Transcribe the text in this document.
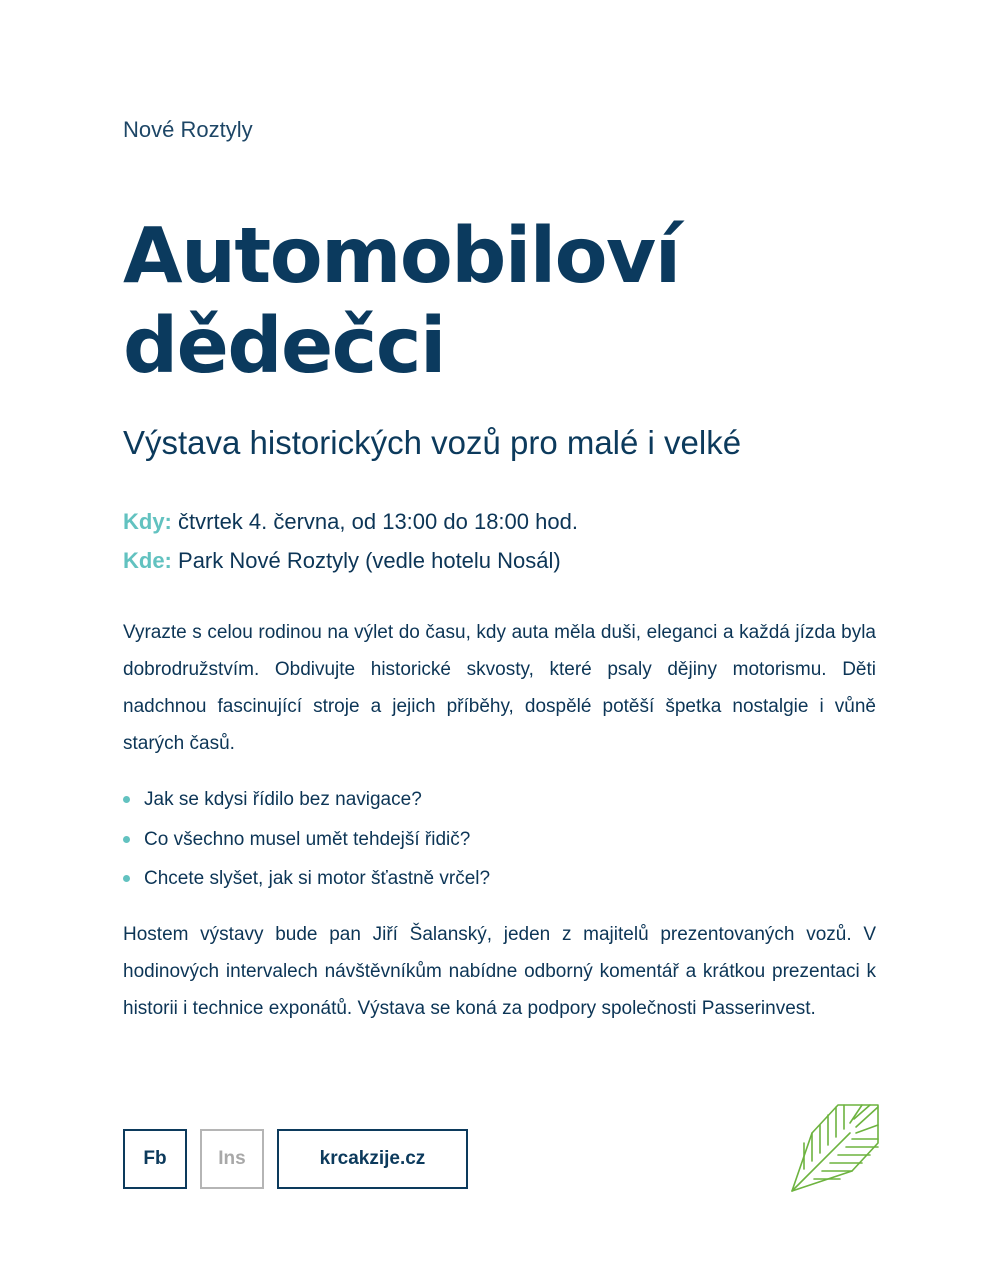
Nové Roztyly
Automobiloví
dědečci
Výstava historických vozů pro malé i velké
Kdy: čtvrtek 4. června, od 13:00 do 18:00 hod.
Kde: Park Nové Roztyly (vedle hotelu Nosál)

Vyrazte s celou rodinou na výlet do času, kdy auta měla duši, eleganci a každá jízda byla dobrodružstvím. Obdivujte historické skvosty, které psaly dějiny motorismu. Děti nadchnou fascinující stroje a jejich příběhy, dospělé potěší špetka nostalgie i vůně starých časů.

Jak se kdysi řídilo bez navigace?
Co všechno musel umět tehdejší řidič?
Chcete slyšet, jak si motor šťastně vrčel?

Hostem výstavy bude pan Jiří Šalanský, jeden z majitelů prezentovaných vozů. V hodinových intervalech návštěvníkům nabídne odborný komentář a krátkou prezentaci k historii i technice exponátů. Výstava se koná za podpory společnosti Passerinvest.

Fb	Ins	krcakzije.cz
